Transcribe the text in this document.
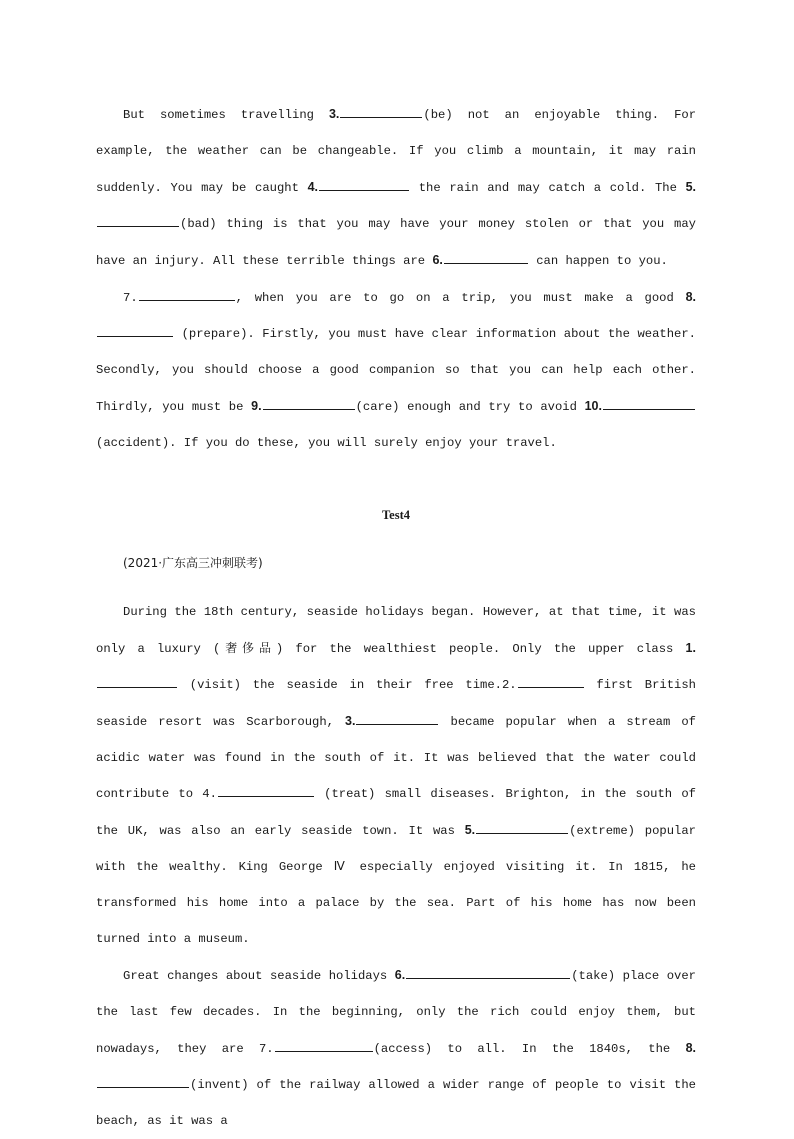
But sometimes travelling 3.	(be) not an enjoyable thing. For example, the weather can be changeable. If you climb a mountain, it may rain suddenly. You may be caught 4.	the rain and may catch a cold. The 5.(bad) thing is that you may have your money stolen or that you may have an injury. All these terrible things are 6.	can happen to you.

7.	, when you are to go on a trip, you must make a good 8. (prepare). Firstly, you must have clear information about the weather. Secondly, you should choose a good companion so that you can help each other. Thirdly, you must be 9.	(care) enough and try to avoid 10.(accident). If you do these, you will surely enjoy your travel.

Test4

(2021·广东高三冲刺联考)

During the 18th century, seaside holidays began. However, at that time, it was only a luxury (奢侈品) for the wealthiest people. Only the upper class 1. (visit) the seaside in their free time.2.	first British seaside resort was Scarborough, 3.	became popular when a stream of acidic water was found in the south of it. It was believed that the water could contribute to 4.	(treat) small diseases. Brighton, in the south of the UK, was also an early seaside town. It was 5.	(extreme) popular with the wealthy. King George Ⅳ especially enjoyed visiting it. In 1815, he transformed his home into a palace by the sea. Part of his home has now been turned into a museum.

Great changes about seaside holidays 6.	(take) place over the last few decades. In the beginning, only the rich could enjoy them, but nowadays, they are 7.	(access) to all. In the 1840s, the 8.(invent) of the railway allowed a wider range of people to visit the beach, as it was a
